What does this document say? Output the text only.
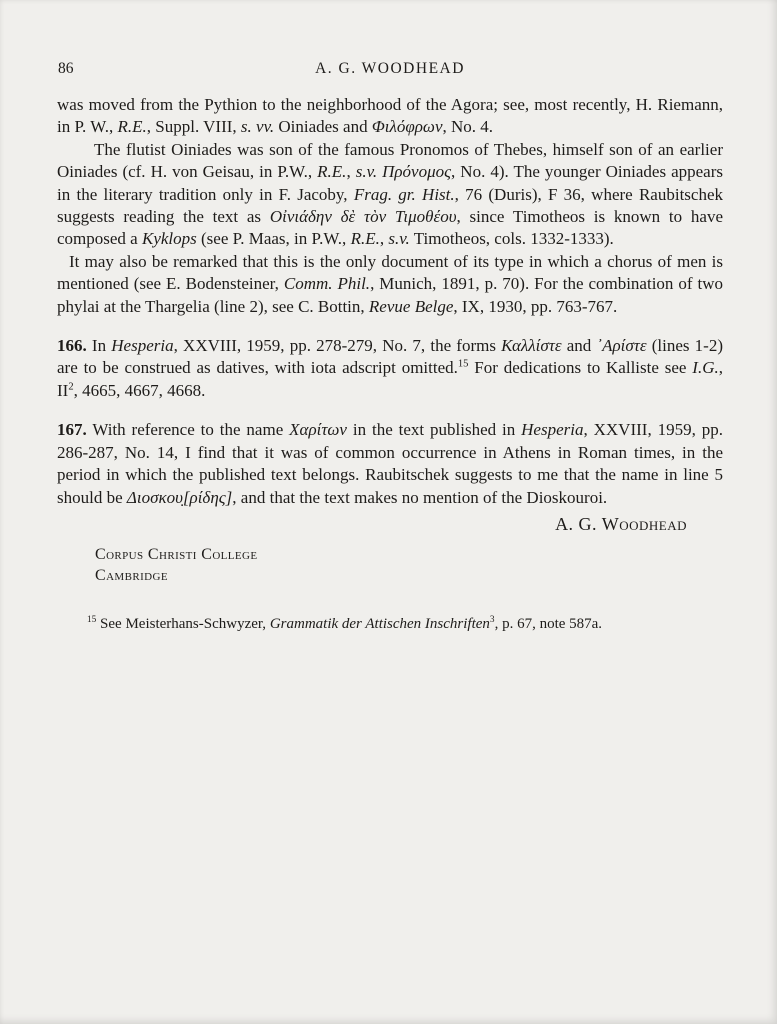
86	A. G. WOODHEAD

was moved from the Pythion to the neighborhood of the Agora; see, most recently, H. Riemann, in P. W., R.E., Suppl. VIII, s. vv. Oiniades and Φιλόφρων, No. 4.

The flutist Oiniades was son of the famous Pronomos of Thebes, himself son of an earlier Oiniades (cf. H. von Geisau, in P.W., R.E., s.v. Πρόνομος, No. 4). The younger Oiniades appears in the literary tradition only in F. Jacoby, Frag. gr. Hist., 76 (Duris), F 36, where Raubitschek suggests reading the text as Οἰνιάδην δὲ τὸν Τιμοθέου, since Timotheos is known to have composed a Kyklops (see P. Maas, in P.W., R.E., s.v. Timotheos, cols. 1332-1333).

It may also be remarked that this is the only document of its type in which a chorus of men is mentioned (see E. Bodensteiner, Comm. Phil., Munich, 1891, p. 70). For the combination of two phylai at the Thargelia (line 2), see C. Bottin, Revue Belge, IX, 1930, pp. 763-767.

166. In Hesperia, XXVIII, 1959, pp. 278-279, No. 7, the forms Καλλίστε and ᾿Αρίστε (lines 1-2) are to be construed as datives, with iota adscript omitted.$^{15}$ For dedications to Kalliste see I.G., $II^2$, 4665, 4667, 4668.

167. With reference to the name Χαρίτων in the text published in Hesperia, XXVIII, 1959, pp. 286-287, No. 14, I find that it was of common occurrence in Athens in Roman times, in the period in which the published text belongs. Raubitschek suggests to me that the name in line 5 should be Διοσκου̣[ρίδης], and that the text makes no mention of the Dioskouroi.

A. G. Woodhead
Corpus Christi College
Cambridge

$^{15}$ See Meisterhans-Schwyzer, Grammatik der Attischen Inschriften$^3$, p. 67, note 587a.
